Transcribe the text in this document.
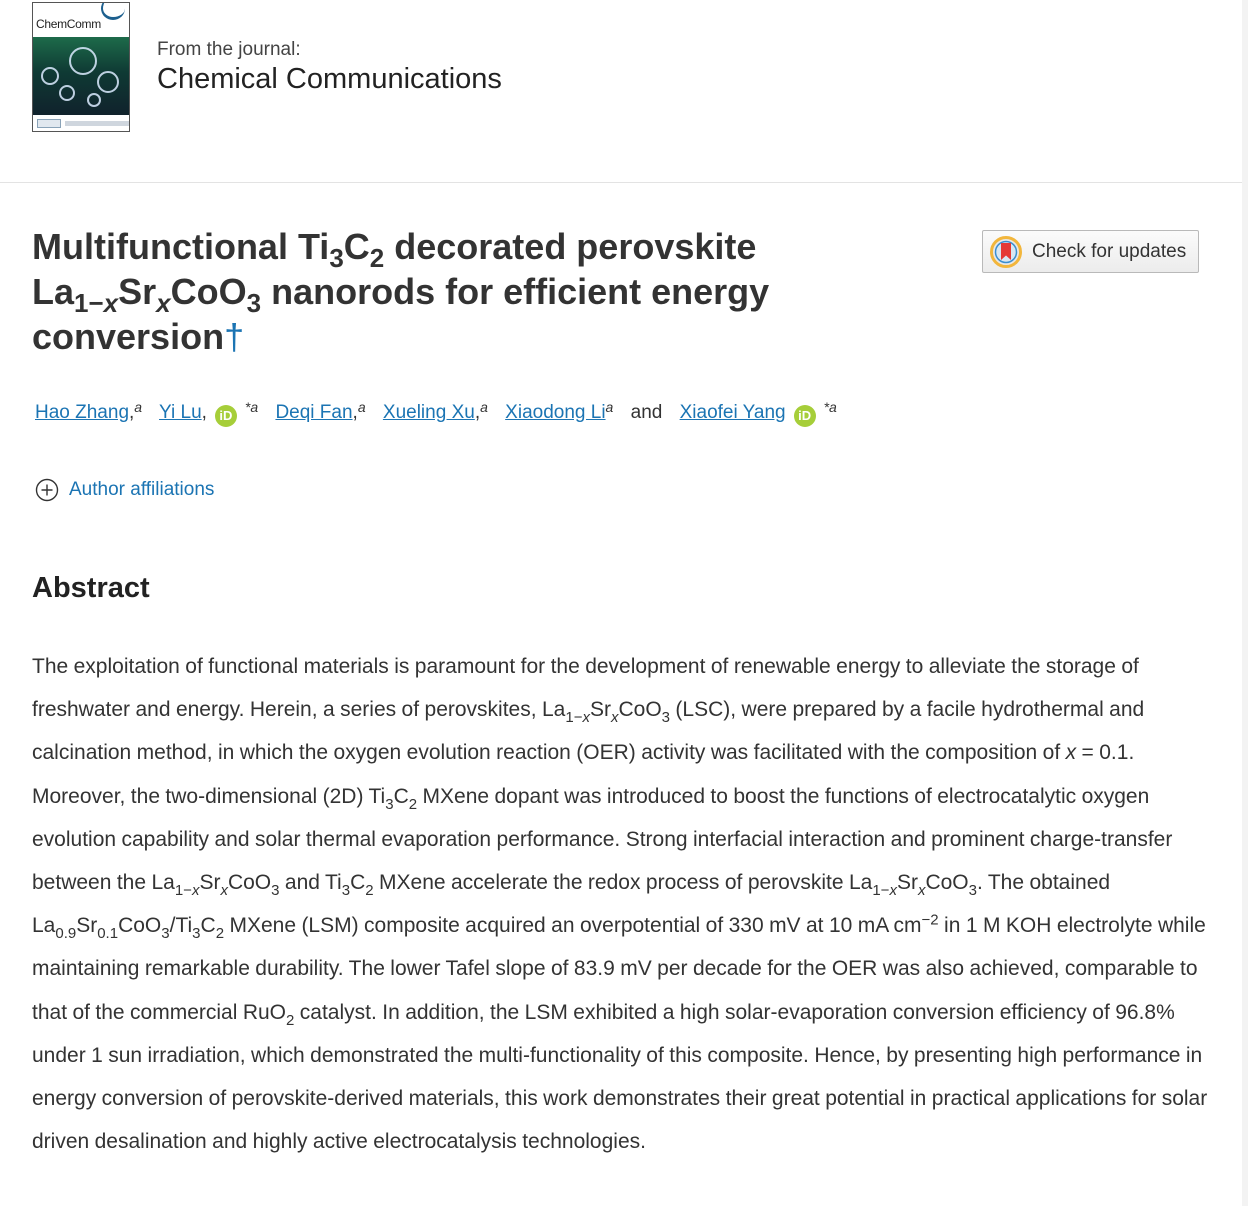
ChemComm
From the journal:
Chemical Communications
Multifunctional $Ti_3C_2$ decorated perovskite
$La_{1-x}Sr_xCoO_3$ nanorods for efficient energy
conversion†
Check for updates
Hao Zhang,$^a$ Yi Lu, $iD^{*a}$ Deqi Fan,$^a$ Xueling Xu,$^a$ Xiaodong Li$^a$ and Xiaofei Yang $iD^{*a}$
Author affiliations
Abstract

The exploitation of functional materials is paramount for the development of renewable energy to alleviate the storage of freshwater and energy. Herein, a series of perovskites, $La_{1-x}Sr_xCoO_3$ (LSC), were prepared by a facile hydrothermal and calcination method, in which the oxygen evolution reaction (OER) activity was facilitated with the composition of x = 0.1. Moreover, the two-dimensional (2D) $Ti_3C_2$ MXene dopant was introduced to boost the functions of electrocatalytic oxygen evolution capability and solar thermal evaporation performance. Strong interfacial interaction and prominent charge-transfer between the $La_{1-x}Sr_xCoO_3$ and $Ti_3C_2$ MXene accelerate the redox process of perovskite $La_{1-x}Sr_xCoO_3$. The obtained $La_{0.9}Sr_{0.1}CoO_3/Ti_3C_2$ MXene (LSM) composite acquired an overpotential of 330 mV at 10 mA $cm^{-2}$ in 1 M KOH electrolyte while maintaining remarkable durability. The lower Tafel slope of 83.9 mV per decade for the OER was also achieved, comparable to that of the commercial RuO$_2$ catalyst. In addition, the LSM exhibited a high solar-evaporation conversion efficiency of 96.8% under 1 sun irradiation, which demonstrated the multi-functionality of this composite. Hence, by presenting high performance in energy conversion of perovskite-derived materials, this work demonstrates their great potential in practical applications for solar driven desalination and highly active electrocatalysis technologies.
